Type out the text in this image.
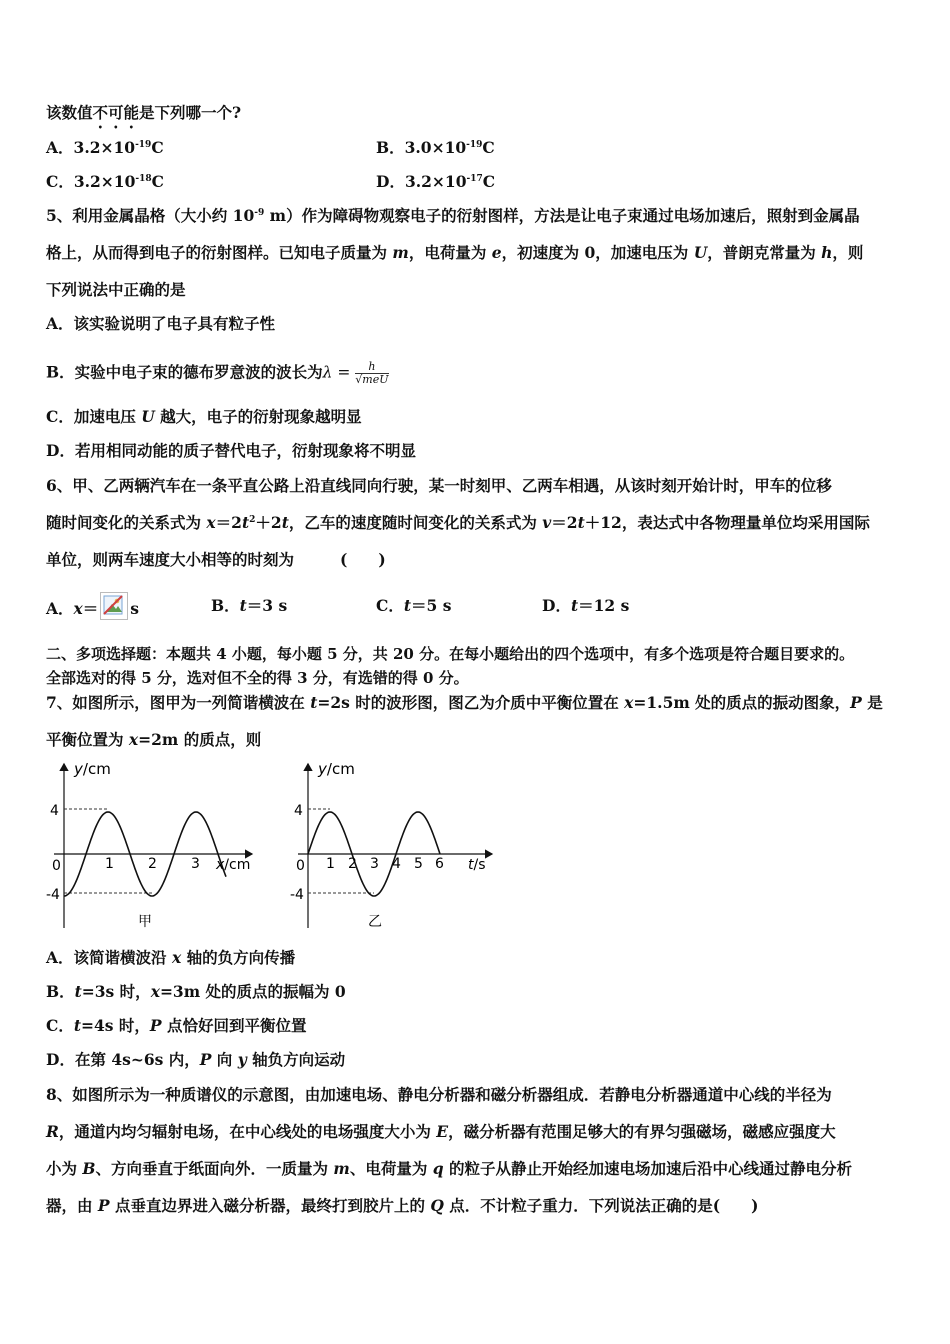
该数值不可能是下列哪一个?
A．$3.2\times 10^{-19}C$	B．$3.0\times 10^{-19}C$
C．$3.2\times 10^{-18}C$	D．$3.2\times 10^{-17}C$
5、利用金属晶格（大小约 $10^{-9}$ m）作为障碍物观察电子的衍射图样，方法是让电子束通过电场加速后，照射到金属晶
格上，从而得到电子的衍射图样。已知电子质量为 m，电荷量为 e，初速度为 0，加速电压为 U，普朗克常量为 h，则
下列说法中正确的是
A．该实验说明了电子具有粒子性
B．实验中电子束的德布罗意波的波长为$\lambda = \frac{h}{\text{√meU}}$
C．加速电压 U 越大，电子的衍射现象越明显
D．若用相同动能的质子替代电子，衍射现象将不明显
6、甲、乙两辆汽车在一条平直公路上沿直线同向行驶，某一时刻甲、乙两车相遇，从该时刻开始计时，甲车的位移
随时间变化的关系式为 $x=2t^2+2t$，乙车的速度随时间变化的关系式为 v＝2t＋12，表达式中各物理量单位均采用国际
单位，则两车速度大小相等的时刻为	(　　)
A．x＝ s	B．t＝3 s	C．t＝5 s	D．t＝12 s
二、多项选择题：本题共 4 小题，每小题 5 分，共 20 分。在每小题给出的四个选项中，有多个选项是符合题目要求的。
全部选对的得 5 分，选对但不全的得 3 分，有选错的得 0 分。
7、如图所示，图甲为一列简谐横波在 t=2s 时的波形图，图乙为介质中平衡位置在 x=1.5m 处的质点的振动图象，P 是
平衡位置为 x=2m 的质点，则
y/cm
4
-4
0	1 2 3 x/cm
甲
y/cm
4
-4
0 1 2 3 4 5 6 t/s
乙
A．该简谐横波沿 x 轴的负方向传播
B．t=3s 时，x=3m 处的质点的振幅为 0
C．t=4s 时，P 点恰好回到平衡位置
D．在第 4s~6s 内，P 向 y 轴负方向运动
8、如图所示为一种质谱仪的示意图，由加速电场、静电分析器和磁分析器组成．若静电分析器通道中心线的半径为
R，通道内均匀辐射电场，在中心线处的电场强度大小为 E，磁分析器有范围足够大的有界匀强磁场，磁感应强度大
小为 B、方向垂直于纸面向外．一质量为 m、电荷量为 q 的粒子从静止开始经加速电场加速后沿中心线通过静电分析
器，由 P 点垂直边界进入磁分析器，最终打到胶片上的 Q 点．不计粒子重力．下列说法正确的是(　　)
